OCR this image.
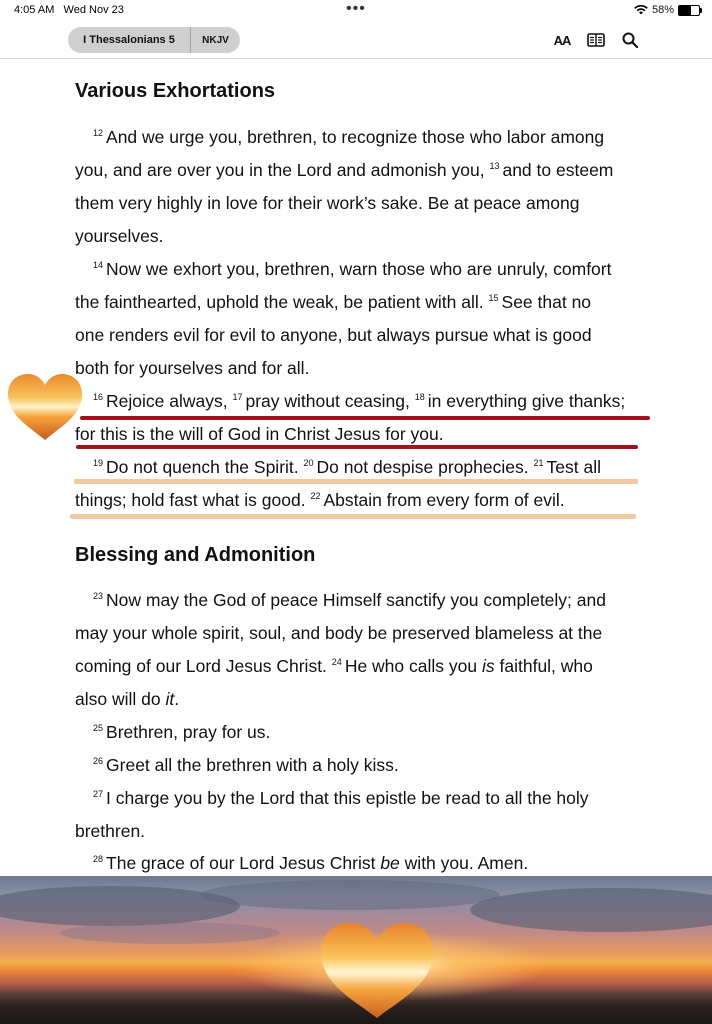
4:05 AM Wed Nov 23	•••	58%
I Thessalonians 5	NKJV	AA
Various Exhortations
$^{12}$ And we urge you, brethren, to recognize those who labor among
you, and are over you in the Lord and admonish you, $^{13}$ and to esteem
them very highly in love for their work’s sake. Be at peace among
yourselves.
$^{14}$ Now we exhort you, brethren, warn those who are unruly, comfort
the fainthearted, uphold the weak, be patient with all. $^{15}$ See that no
one renders evil for evil to anyone, but always pursue what is good
both for yourselves and for all.
$^{16}$ Rejoice always, $^{17}$ pray without ceasing, $^{18}$ in everything give thanks;
for this is the will of God in Christ Jesus for you.
$^{19}$ Do not quench the Spirit. $^{20}$ Do not despise prophecies. $^{21}$ Test all
things; hold fast what is good. $^{22}$ Abstain from every form of evil.
Blessing and Admonition
$^{23}$ Now may the God of peace Himself sanctify you completely; and
may your whole spirit, soul, and body be preserved blameless at the
coming of our Lord Jesus Christ. $^{24}$ He who calls you is faithful, who
also will do it.
$^{25}$ Brethren, pray for us.
$^{26}$ Greet all the brethren with a holy kiss.
$^{27}$ I charge you by the Lord that this epistle be read to all the holy
brethren.
$^{28}$ The grace of our Lord Jesus Christ be with you. Amen.
